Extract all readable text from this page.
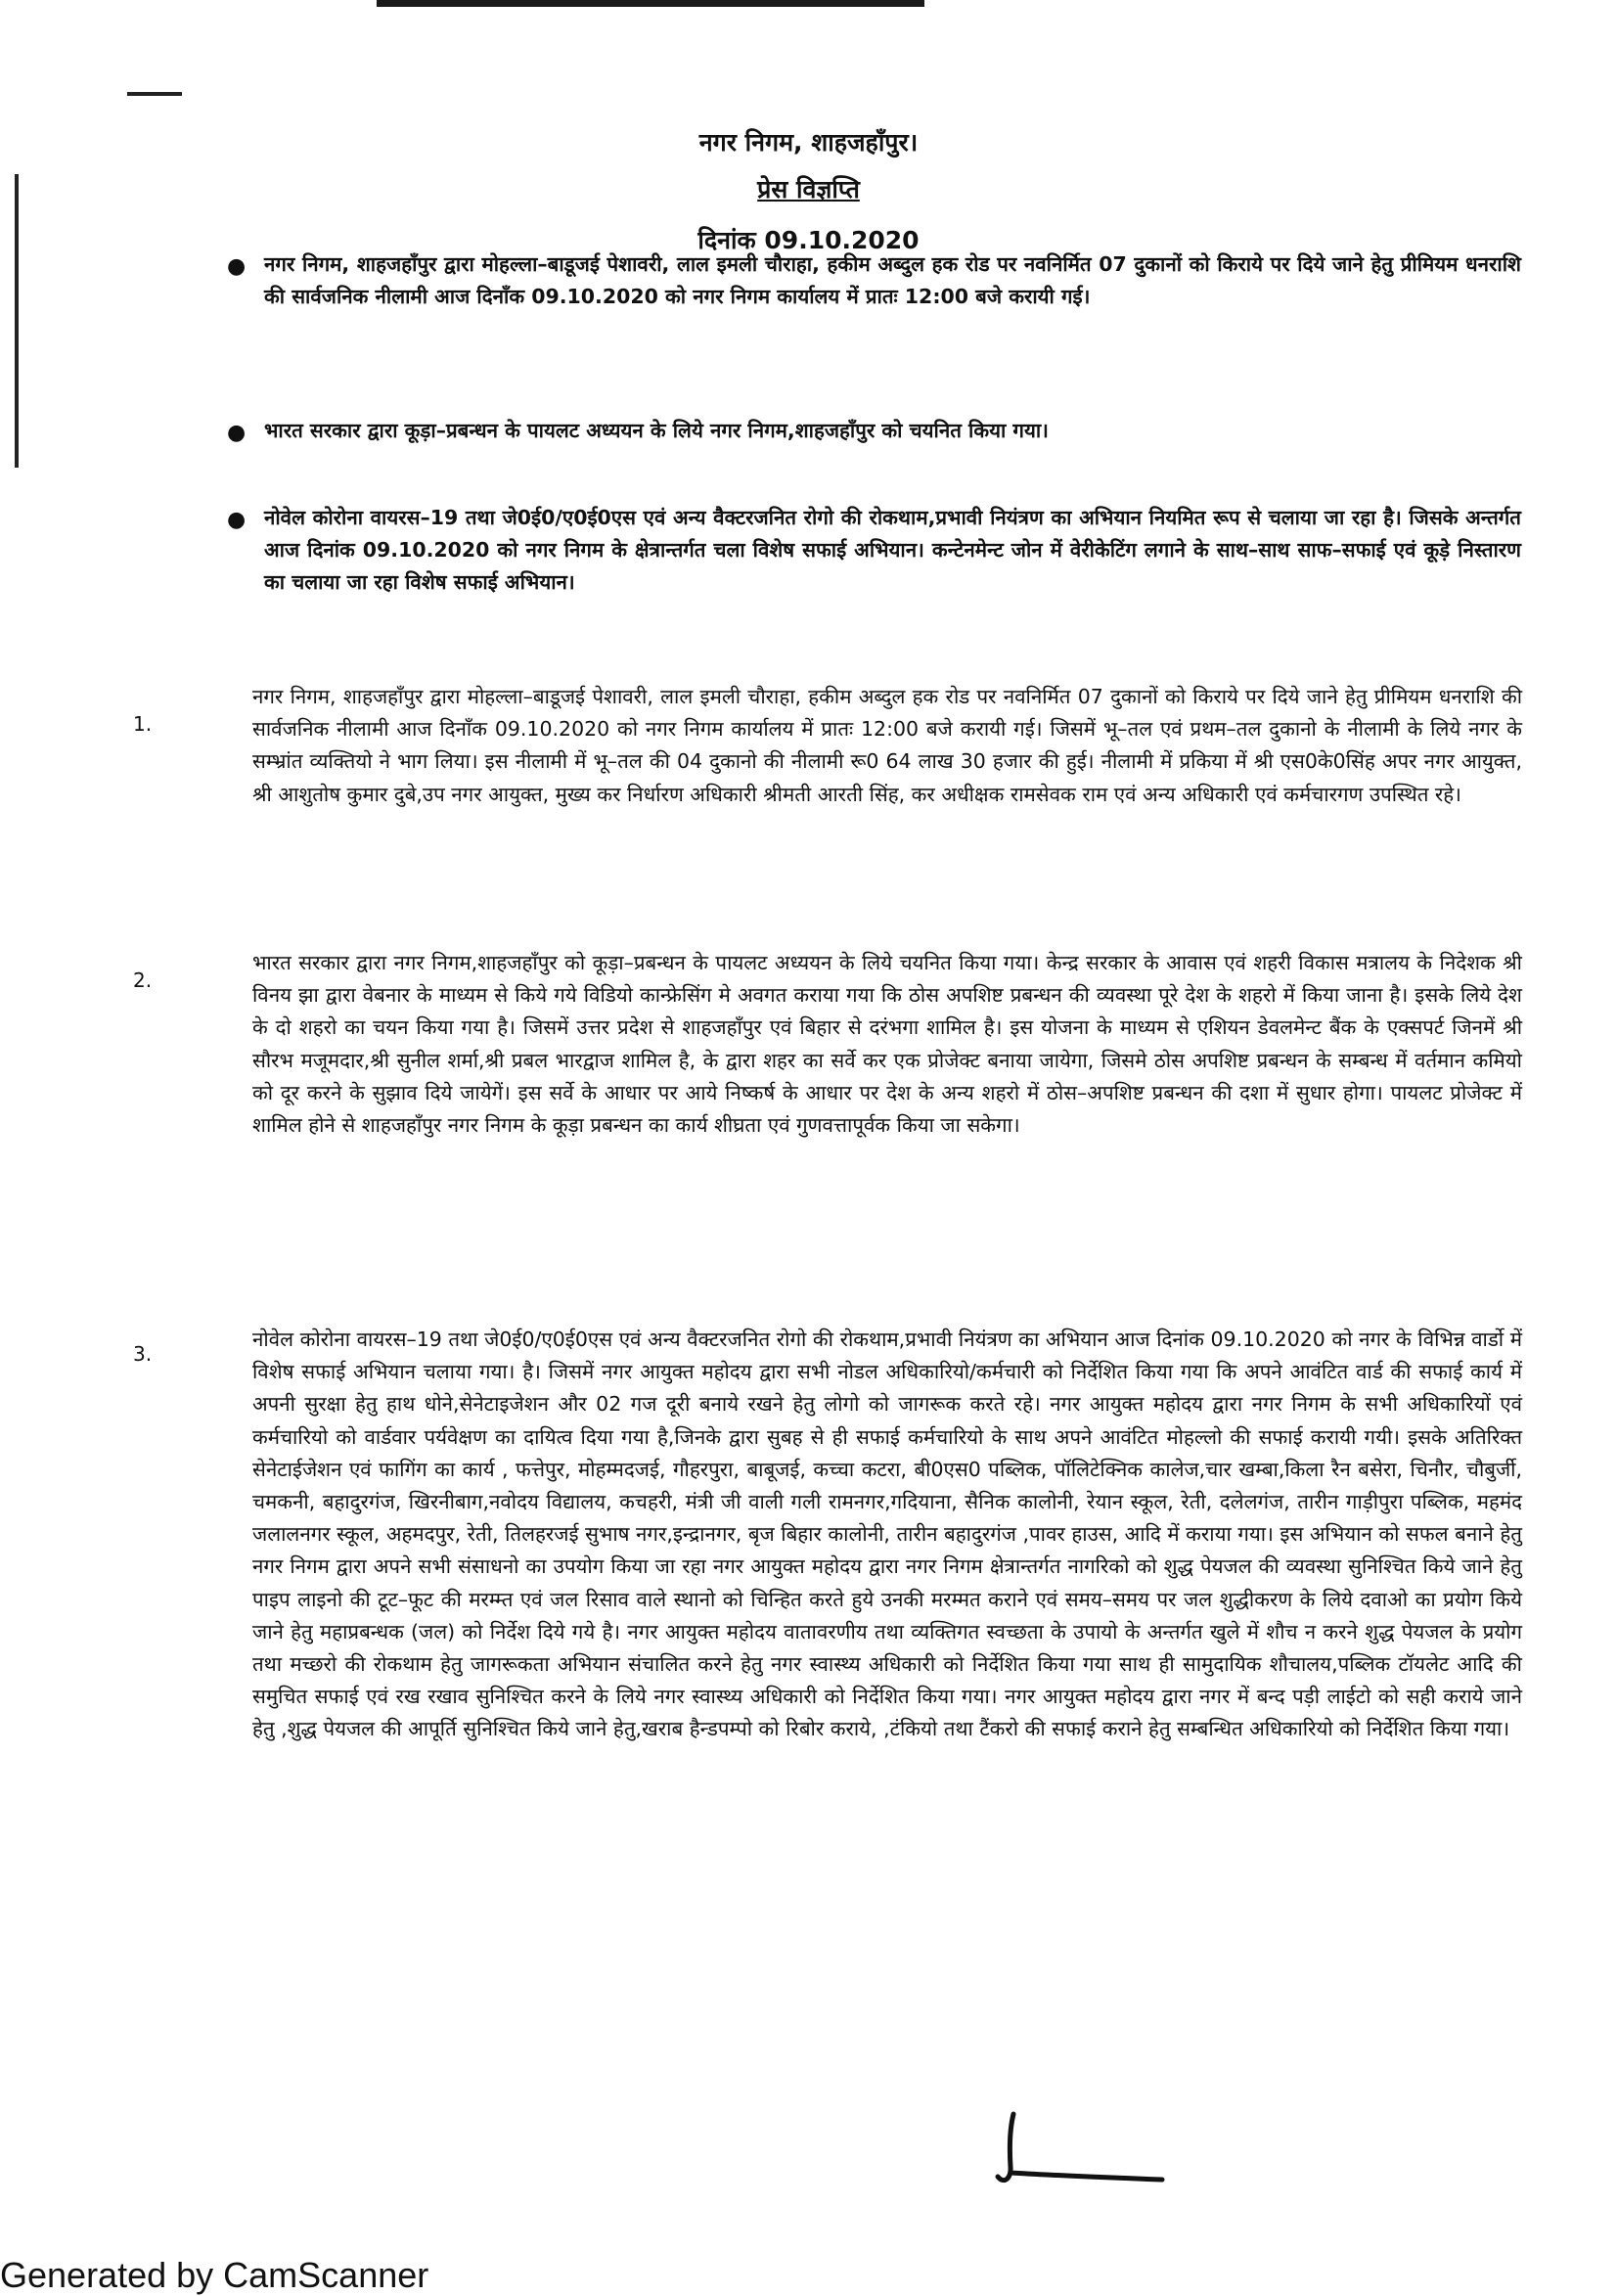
नगर निगम, शाहजहाँपुर।
प्रेस विज्ञप्ति
दिनांक 09.10.2020
● नगर निगम, शाहजहाँपुर द्वारा मोहल्ला–बाडूजई पेशावरी, लाल इमली चौराहा, हकीम अब्दुल हक रोड पर नवनिर्मित 07 दुकानों को किराये पर दिये जाने हेतु प्रीमियम धनराशि की सार्वजनिक नीलामी आज दिनाँक 09.10.2020 को नगर निगम कार्यालय में प्रातः 12:00 बजे करायी गई।
● भारत सरकार द्वारा कूड़ा–प्रबन्धन के पायलट अध्ययन के लिये नगर निगम,शाहजहाँपुर को चयनित किया गया।
● नोवेल कोरोना वायरस–19 तथा जे0ई0/ए0ई0एस एवं अन्य वैक्टरजनित रोगो की रोकथाम,प्रभावी नियंत्रण का अभियान नियमित रूप से चलाया जा रहा है। जिसके अन्तर्गत आज दिनांक 09.10.2020 को नगर निगम के क्षेत्रान्तर्गत चला विशेष सफाई अभियान। कन्टेनमेन्ट जोन में वेरीकेटिंग लगाने के साथ–साथ साफ–सफाई एवं कूड़े निस्तारण का चलाया जा रहा विशेष सफाई अभियान।
1.
नगर निगम, शाहजहाँपुर द्वारा मोहल्ला–बाडूजई पेशावरी, लाल इमली चौराहा, हकीम अब्दुल हक रोड पर नवनिर्मित 07 दुकानों को किराये पर दिये जाने हेतु प्रीमियम धनराशि की सार्वजनिक नीलामी आज दिनाँक 09.10.2020 को नगर निगम कार्यालय में प्रातः 12:00 बजे करायी गई। जिसमें भू–तल एवं प्रथम–तल दुकानो के नीलामी के लिये नगर के सम्भ्रांत व्यक्तियो ने भाग लिया। इस नीलामी में भू–तल की 04 दुकानो की नीलामी रू0 64 लाख 30 हजार की हुई। नीलामी में प्रकिया में श्री एस0के0सिंह अपर नगर आयुक्त, श्री आशुतोष कुमार दुबे,उप नगर आयुक्त, मुख्य कर निर्धारण अधिकारी श्रीमती आरती सिंह, कर अधीक्षक रामसेवक राम एवं अन्य अधिकारी एवं कर्मचारगण उपस्थित रहे।
2.
भारत सरकार द्वारा नगर निगम,शाहजहाँपुर को कूड़ा–प्रबन्धन के पायलट अध्ययन के लिये चयनित किया गया। केन्द्र सरकार के आवास एवं शहरी विकास मत्रालय के निदेशक श्री विनय झा द्वारा वेबनार के माध्यम से किये गये विडियो कान्फ्रेसिंग मे अवगत कराया गया कि ठोस अपशिष्ट प्रबन्धन की व्यवस्था पूरे देश के शहरो में किया जाना है। इसके लिये देश के दो शहरो का चयन किया गया है। जिसमें उत्तर प्रदेश से शाहजहाँपुर एवं बिहार से दरंभगा शामिल है। इस योजना के माध्यम से एशियन डेवलमेन्ट बैंक के एक्सपर्ट जिनमें श्री सौरभ मजूमदार,श्री सुनील शर्मा,श्री प्रबल भारद्वाज शामिल है, के द्वारा शहर का सर्वे कर एक प्रोजेक्ट बनाया जायेगा, जिसमे ठोस अपशिष्ट प्रबन्धन के सम्बन्ध में वर्तमान कमियो को दूर करने के सुझाव दिये जायेगें। इस सर्वे के आधार पर आये निष्कर्ष के आधार पर देश के अन्य शहरो में ठोस–अपशिष्ट प्रबन्धन की दशा में सुधार होगा। पायलट प्रोजेक्ट में शामिल होने से शाहजहाँपुर नगर निगम के कूड़ा प्रबन्धन का कार्य शीघ्रता एवं गुणवत्तापूर्वक किया जा सकेगा।
3.
नोवेल कोरोना वायरस–19 तथा जे0ई0/ए0ई0एस एवं अन्य वैक्टरजनित रोगो की रोकथाम,प्रभावी नियंत्रण का अभियान आज दिनांक 09.10.2020 को नगर के विभिन्न वार्डो में विशेष सफाई अभियान चलाया गया। है। जिसमें नगर आयुक्त महोदय द्वारा सभी नोडल अधिकारियो/कर्मचारी को निर्देशित किया गया कि अपने आवंटित वार्ड की सफाई कार्य में अपनी सुरक्षा हेतु हाथ धोने,सेनेटाइजेशन और 02 गज दूरी बनाये रखने हेतु लोगो को जागरूक करते रहे। नगर आयुक्त महोदय द्वारा नगर निगम के सभी अधिकारियों एवं कर्मचारियो को वार्डवार पर्यवेक्षण का दायित्व दिया गया है,जिनके द्वारा सुबह से ही सफाई कर्मचारियो के साथ अपने आवंटित मोहल्लो की सफाई करायी गयी। इसके अतिरिक्त सेनेटाईजेशन एवं फागिंग का कार्य , फत्तेपुर, मोहम्मदजई, गौहरपुरा, बाबूजई, कच्चा कटरा, बी0एस0 पब्लिक, पॉलिटेक्निक कालेज,चार खम्बा,किला रैन बसेरा, चिनौर, चौबुर्जी, चमकनी, बहादुरगंज, खिरनीबाग,नवोदय विद्यालय, कचहरी, मंत्री जी वाली गली रामनगर,गदियाना, सैनिक कालोनी, रेयान स्कूल, रेती, दलेलगंज, तारीन गाड़ीपुरा पब्लिक, महमंद जलालनगर स्कूल, अहमदपुर, रेती, तिलहरजई सुभाष नगर,इन्द्रानगर, बृज बिहार कालोनी, तारीन बहादुरगंज ,पावर हाउस, आदि में कराया गया। इस अभियान को सफल बनाने हेतु नगर निगम द्वारा अपने सभी संसाधनो का उपयोग किया जा रहा नगर आयुक्त महोदय द्वारा नगर निगम क्षेत्रान्तर्गत नागरिको को शुद्ध पेयजल की व्यवस्था सुनिश्चित किये जाने हेतु पाइप लाइनो की टूट–फूट की मरम्म्त एवं जल रिसाव वाले स्थानो को चिन्हित करते हुये उनकी मरम्मत कराने एवं समय–समय पर जल शुद्धीकरण के लिये दवाओ का प्रयोग किये जाने हेतु महाप्रबन्धक (जल) को निर्देश दिये गये है। नगर आयुक्त महोदय वातावरणीय तथा व्यक्तिगत स्वच्छता के उपायो के अन्तर्गत खुले में शौच न करने शुद्ध पेयजल के प्रयोग तथा मच्छरो की रोकथाम हेतु जागरूकता अभियान संचालित करने हेतु नगर स्वास्थ्य अधिकारी को निर्देशित किया गया साथ ही सामुदायिक शौचालय,पब्लिक टॉयलेट आदि की समुचित सफाई एवं रख रखाव सुनिश्चित करने के लिये नगर स्वास्थ्य अधिकारी को निर्देशित किया गया। नगर आयुक्त महोदय द्वारा नगर में बन्द पड़ी लाईटो को सही कराये जाने हेतु ,शुद्ध पेयजल की आपूर्ति सुनिश्चित किये जाने हेतु,खराब हैन्डपम्पो को रिबोर कराये, ,टंकियो तथा टैंकरो की सफाई कराने हेतु सम्बन्धित अधिकारियो को निर्देशित किया गया।
Generated by CamScanner
